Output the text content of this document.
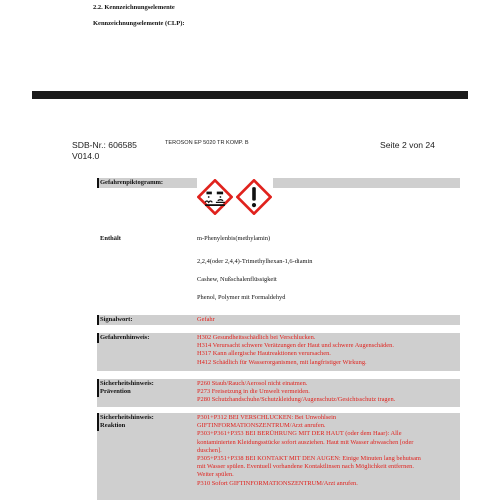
2.2. Kennzeichnungselemente
Kennzeichnungselemente (CLP):
SDB-Nr.: 606585
V014.0
TEROSON EP 5020 TR KOMP. B	Seite 2 von 24
Gefahrenpiktogramm:
Enthält	m-Phenylenbis(methylamin)
2,2,4(oder 2,4,4)-Trimethylhexan-1,6-diamin
Cashew, Nußschalenflüssigkeit
Phenol, Polymer mit Formaldehyd
Signalwort:	Gefahr
Gefahrenhinweis:	H302 Gesundheitsschädlich bei Verschlucken.
H314 Verursacht schwere Verätzungen der Haut und schwere Augenschäden.
H317 Kann allergische Hautreaktionen verursachen.
H412 Schädlich für Wasserorganismen, mit langfristiger Wirkung.
Sicherheitshinweis:
Prävention
P260 Staub/Rauch/Aerosol nicht einatmen.
P273 Freisetzung in die Umwelt vermeiden.
P280 Schutzhandschuhe/Schutzkleidung/Augenschutz/Gesichtsschutz tragen.
Sicherheitshinweis:
Reaktion
P301+P312 BEI VERSCHLUCKEN: Bei Unwohlsein
GIFTINFORMATIONSZENTRUM/Arzt anrufen.
P303+P361+P353 BEI BERÜHRUNG MIT DER HAUT (oder dem Haar): Alle
kontaminierten Kleidungsstücke sofort ausziehen. Haut mit Wasser abwaschen [oder
duschen].
P305+P351+P338 BEI KONTAKT MIT DEN AUGEN: Einige Minuten lang behutsam
mit Wasser spülen. Eventuell vorhandene Kontaktlinsen nach Möglichkeit entfernen.
Weiter spülen.
P310 Sofort GIFTINFORMATIONSZENTRUM/Arzt anrufen.
